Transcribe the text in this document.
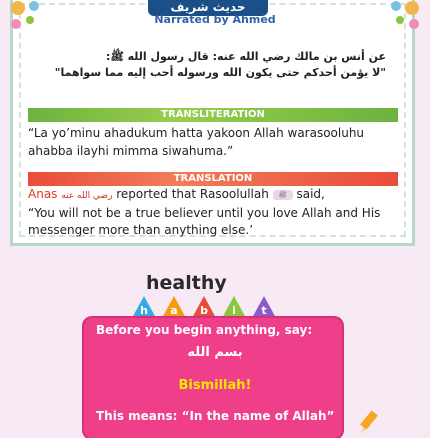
حديث شريف
Narrated by Ahmed
عن أنس بن مالك رضي الله عنه: قال رسول الله ﷺ:
"لا يؤمن أحدكم حتى يكون الله ورسوله أحب إليه مما سواهما"
TRANSLITERATION
“La yo’minu ahadukum hatta yakoon Allah warasooluhu ahabba ilayhi mimma siwahuma.”
TRANSLATION
Anas رضي الله عنه reported that Rasoolullah ﷺ said,
“You will not be a true believer until you love Allah and His messenger more than anything else.’
healthy
h	a	b	i	t
Before you begin anything, say:
بسم الله
Bismillah!
This means: “In the name of Allah”
